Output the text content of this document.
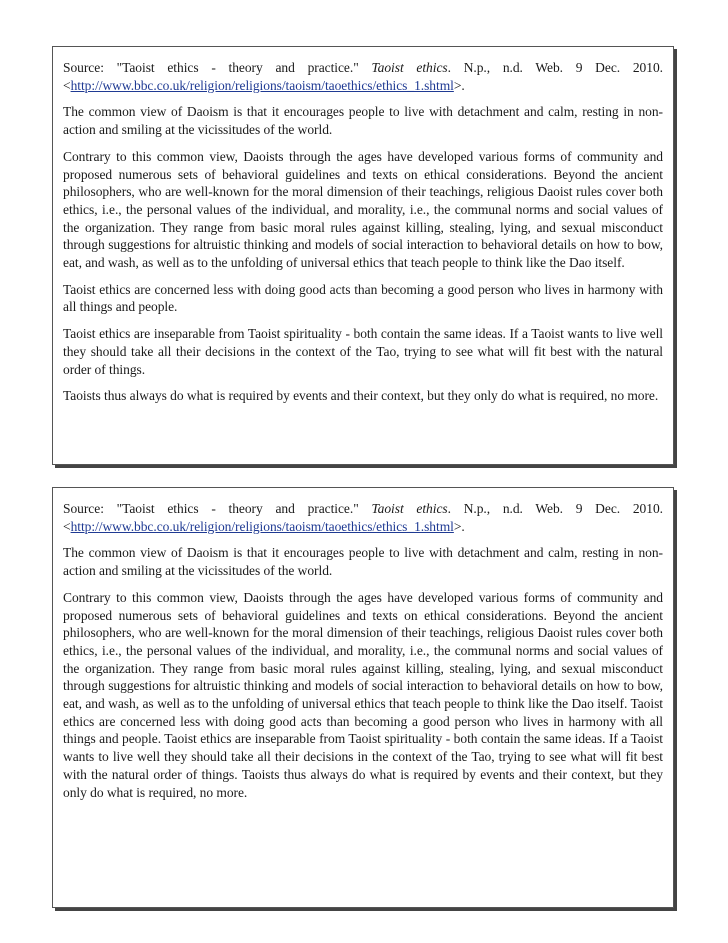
Source: "Taoist ethics - theory and practice." Taoist ethics. N.p., n.d. Web. 9 Dec. 2010. <http://www.bbc.co.uk/religion/religions/taoism/taoethics/ethics_1.shtml>.

The common view of Daoism is that it encourages people to live with detachment and calm, resting in non-action and smiling at the vicissitudes of the world.

Contrary to this common view, Daoists through the ages have developed various forms of community and proposed numerous sets of behavioral guidelines and texts on ethical considerations. Beyond the ancient philosophers, who are well-known for the moral dimension of their teachings, religious Daoist rules cover both ethics, i.e., the personal values of the individual, and morality, i.e., the communal norms and social values of the organization. They range from basic moral rules against killing, stealing, lying, and sexual misconduct through suggestions for altruistic thinking and models of social interaction to behavioral details on how to bow, eat, and wash, as well as to the unfolding of universal ethics that teach people to think like the Dao itself.

Taoist ethics are concerned less with doing good acts than becoming a good person who lives in harmony with all things and people.

Taoist ethics are inseparable from Taoist spirituality - both contain the same ideas. If a Taoist wants to live well they should take all their decisions in the context of the Tao, trying to see what will fit best with the natural order of things.

Taoists thus always do what is required by events and their context, but they only do what is required, no more.

Source: "Taoist ethics - theory and practice." Taoist ethics. N.p., n.d. Web. 9 Dec. 2010. <http://www.bbc.co.uk/religion/religions/taoism/taoethics/ethics_1.shtml>.

The common view of Daoism is that it encourages people to live with detachment and calm, resting in non-action and smiling at the vicissitudes of the world.

Contrary to this common view, Daoists through the ages have developed various forms of community and proposed numerous sets of behavioral guidelines and texts on ethical considerations. Beyond the ancient philosophers, who are well-known for the moral dimension of their teachings, religious Daoist rules cover both ethics, i.e., the personal values of the individual, and morality, i.e., the communal norms and social values of the organization. They range from basic moral rules against killing, stealing, lying, and sexual misconduct through suggestions for altruistic thinking and models of social interaction to behavioral details on how to bow, eat, and wash, as well as to the unfolding of universal ethics that teach people to think like the Dao itself. Taoist ethics are concerned less with doing good acts than becoming a good person who lives in harmony with all things and people. Taoist ethics are inseparable from Taoist spirituality - both contain the same ideas. If a Taoist wants to live well they should take all their decisions in the context of the Tao, trying to see what will fit best with the natural order of things. Taoists thus always do what is required by events and their context, but they only do what is required, no more.
